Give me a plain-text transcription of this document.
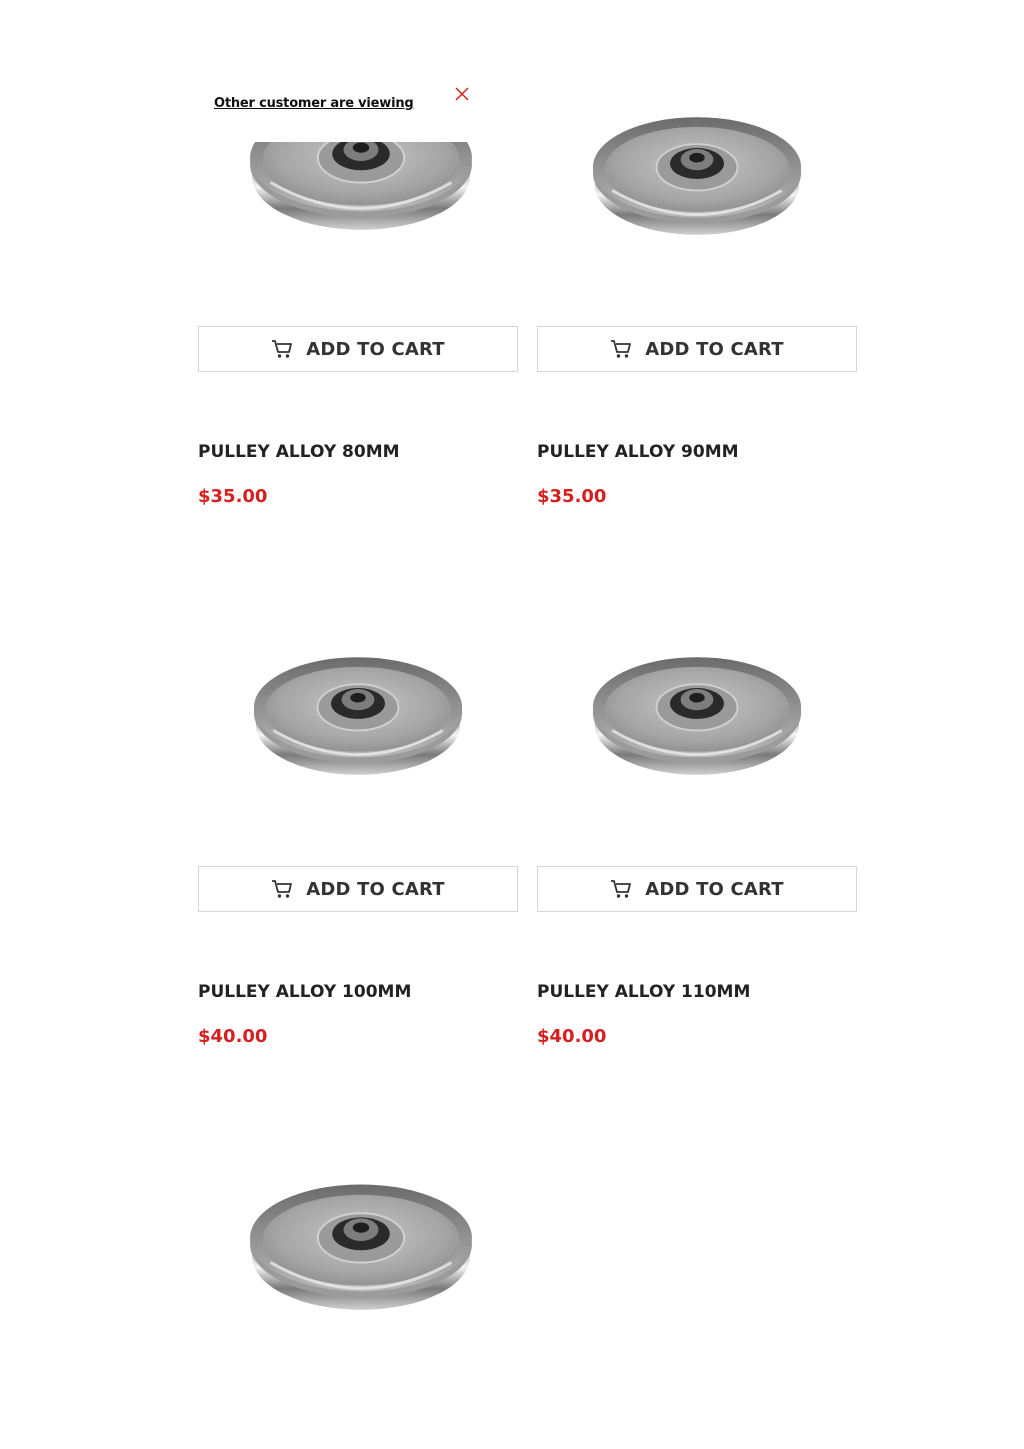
ADD TO CART
PULLEY ALLOY 80MM
$35.00
ADD TO CART
PULLEY ALLOY 90MM
$35.00
ADD TO CART
PULLEY ALLOY 100MM
$40.00
ADD TO CART
PULLEY ALLOY 110MM
$40.00
Other customer are viewing
